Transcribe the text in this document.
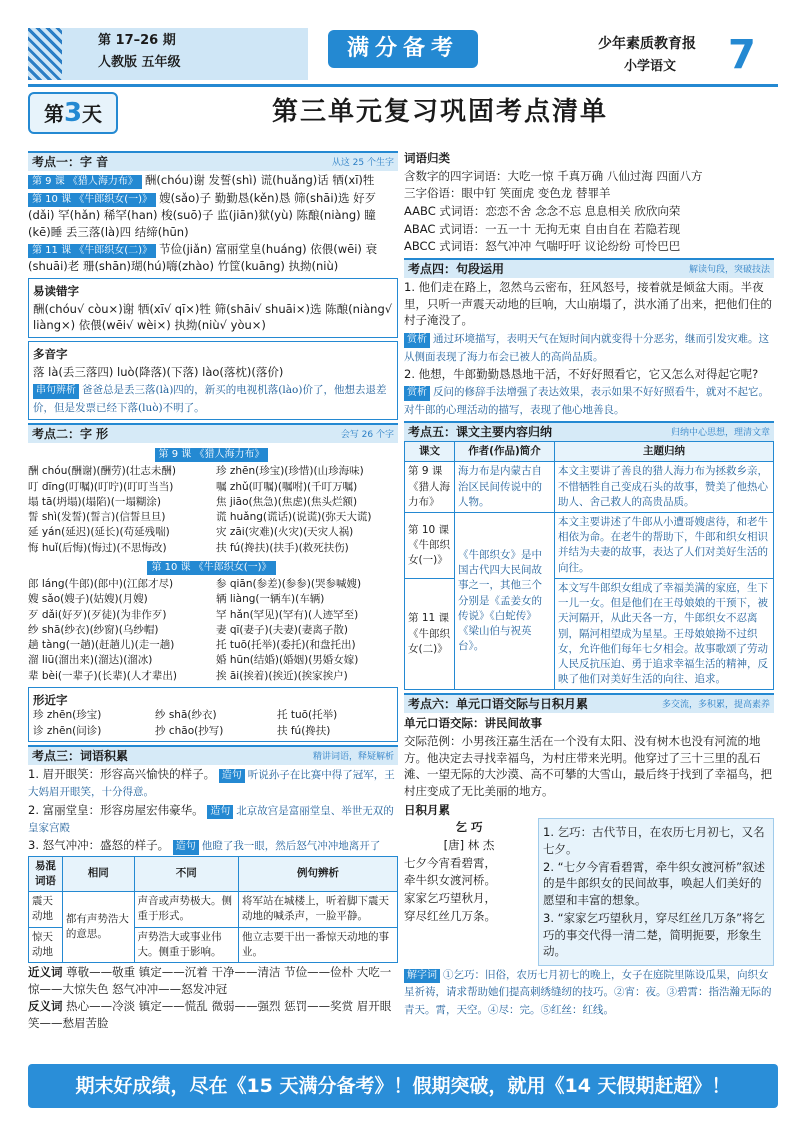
第 17–26 期
人教版 五年级
满分备考	少年素质教育报
小学语文 7
第3天	第三单元复习巩固考点清单
考点一：字 音	从这 25 个生字

第 9 课 《猎人海力布》 酬(chóu)谢 发誓(shì) 谎(huǎng)话 牺(xī)牲

第 10 课 《牛郎织女(一)》 嫂(sǎo)子 勤勤恳(kěn)恳 筛(shāi)选 好歹(dǎi) 罕(hǎn) 稀罕(han) 梭(suō)子 监(jiān)狱(yù) 陈酿(niàng) 瞳(kē)睡 丢三落(là)四 结缔(hūn)

第 11 课 《牛郎织女(二)》 节俭(jiǎn) 富丽堂皇(huáng) 依偎(wēi) 衰(shuāi)老 珊(shān)瑚(hú)嗨(zhào) 竹筐(kuāng) 执拗(niù)

易读错字

酬(chóu√ còu×)谢 牺(xī√ qī×)牲 筛(shāi√ shuāi×)选 陈酿(niàng√ liàng×) 依偎(wēi√ wèi×) 执拗(niù√ yòu×)

多音字

落 là(丢三落四) luò(降落)(下落) lào(落枕)(落价)

串句辨析 爸爸总是丢三落(là)四的，新买的电视机落(lào)价了，他想去退差价，但是发票已经下落(luò)不明了。

考点二：字 形	会写 26 个字
第 9 课 《猎人海力布》
酬 chóu(酬谢)(酬劳)(壮志未酬)	珍 zhēn(珍宝)(珍惜)(山珍海味)
叮 dīng(叮嘱)(叮咛)(叮叮当当)	嘱 zhǔ(叮嘱)(嘱咐)(千叮万嘱)
塌 tā(坍塌)(塌陷)(一塌糊涂)	焦 jiāo(焦急)(焦虑)(焦头烂额)
誓 shì(发誓)(誓言)(信誓旦旦)	谎 huǎng(谎话)(说谎)(弥天大谎)
延 yán(延迟)(延长)(苟延残喘)	灾 zāi(灾难)(火灾)(天灾人祸)
悔 huǐ(后悔)(悔过)(不思悔改)	扶 fú(搀扶)(扶手)(救死扶伤)
第 10 课 《牛郎织女(一)》
郎 láng(牛郎)(郎中)(江郎才尽)	参 qiān(参差)(参参)(哭参喊嫂)
嫂 sǎo(嫂子)(姑嫂)(月嫂)	辆 liàng(一辆车)(车辆)
歹 dǎi(好歹)(歹徒)(为非作歹)	罕 hǎn(罕见)(罕有)(人迹罕至)
纱 shā(纱衣)(纱窗)(乌纱帽)	妻 qī(妻子)(夫妻)(妻离子散)
趟 tàng(一趟)(赶趟儿)(走一趟)	托 tuō(托举)(委托)(和盘托出)
溜 liū(溜出来)(溜达)(溜冰)	婚 hūn(结婚)(婚姻)(男婚女嫁)
辈 bèi(一辈子)(长辈)(人才辈出)	挨 āi(挨着)(挨近)(挨家挨户)
形近字
珍 zhēn(珍宝)	纱 shā(纱衣)	托 tuō(托举)
诊 zhēn(问诊)	抄 chāo(抄写)	扶 fú(搀扶)
考点三：词语积累	精讲词语，释疑解析

1. 眉开眼笑：形容高兴愉快的样子。 造句 听说孙子在比赛中得了冠军，王大妈眉开眼笑，十分得意。

2. 富丽堂皇：形容房屋宏伟豪华。 造句 北京故宫是富丽堂皇、举世无双的皇家宫殿

3. 怒气冲冲：盛怒的样子。 造句 他瞪了我一眼，然后怒气冲冲地离开了

易混词语	相同	不同	例句辨析
震天动地	都有声势浩大的意思。	声音或声势极大。侧重于形式。	将军站在城楼上，听着脚下震天动地的喊杀声，一脸平静。
惊天动地		声势浩大或事业伟大。侧重于影响。	他立志要干出一番惊天动地的事业。

近义词 尊敬——敬重 镇定——沉着 干净——清洁 节俭——俭朴 大吃一惊——大惊失色 怒气冲冲——怒发冲冠

反义词 热心——冷淡 镇定——慌乱 微弱——强烈 惩罚——奖赏 眉开眼笑——愁眉苦脸

词语归类

含数字的四字词语：大吃一惊 千真万确 八仙过海 四面八方

三字俗语：眼中钉 笑面虎 变色龙 替罪羊

AABC 式词语：恋恋不舍 念念不忘 息息相关 欣欣向荣

ABAC 式词语：一五一十 无拘无束 自由自在 若隐若现

ABCC 式词语：怒气冲冲 气喘吁吁 议论纷纷 可怜巴巴

考点四：句段运用	解读句段，突破技法

1. 他们走在路上，忽然乌云密布，狂风怒号，接着就是倾盆大雨。半夜里，只听一声震天动地的巨响，大山崩塌了，洪水涌了出来，把他们住的村子淹没了。

赏析 通过环境描写，表明天气在短时间内就变得十分恶劣，继而引发灾难。这从侧面表现了海力布会已被人的高尚品质。

2. 他想，牛郎勤勤恳恳地干活，不好好照看它，它又怎么对得起它呢?

赏析 反问的修辞手法增强了表达效果，表示如果不好好照看牛，就对不起它。对牛郎的心理活动的描写，表现了他心地善良。

考点五：课文主要内容归纳	归纳中心思想，理清文章
课文	作者(作品)简介	主题归纳
第 9 课《猎人海力布》	海力布是内蒙古自治区民间传说中的人物。	本文主要讲了善良的猎人海力布为拯救乡亲，不惜牺牲自己变成石头的故事，赞美了他热心助人、舍己救人的高贵品质。
第 10 课《牛郎织女(一)》	《牛郎织女》是中国古代四大民间故事之一，其他三个分别是《孟姜女的传说》《白蛇传》《梁山伯与祝英台》。	本文主要讲述了牛郎从小遭哥嫂虐待，和老牛相依为命。在老牛的帮助下，牛郎和织女相识并结为夫妻的故事，表达了人们对美好生活的向往。
第 11 课《牛郎织女(二)》		本文写牛郎织女组成了幸福美满的家庭，生下一儿一女。但是他们在王母娘娘的干预下，被天河隔开，从此天各一方，牛郎织女不忍离别，隔河相望成为星星。王母娘娘拗不过织女，允许他们每年七夕相会。故事歌颂了劳动人民反抗压迫、勇于追求幸福生活的精神，反映了他们对美好生活的向往、追求。
考点六：单元口语交际与日积月累	多交流，多积累，提高素养
单元口语交际：讲民间故事

交际范例：小男孩汪嘉生活在一个没有太阳、没有树木也没有河流的地方。他决定去寻找幸福鸟，为村庄带来光明。他穿过了三十三里的乱石滩、一望无际的大沙漠、高不可攀的大雪山，最后终于找到了幸福鸟，把村庄变成了无比美丽的地方。

日积月累

1. 乞巧：古代节日，在农历七月初七，又名七夕。

2. “七夕今宵看碧霄，牵牛织女渡河桥”叙述的是牛郎织女的民间故事，唤起人们美好的愿望和丰富的想象。

3. “家家乞巧望秋月，穿尽红丝几万条”将乞巧的事交代得一清二楚，简明扼要，形象生动。

乞 巧

[唐] 林 杰

七夕今宵看碧霄，

牵牛织女渡河桥。

家家乞巧望秋月，

穿尽红丝几万条。

解字词 ①乞巧：旧俗，农历七月初七的晚上，女子在庭院里陈设瓜果，向织女星祈祷，请求帮助她们提高刺绣缝纫的技巧。②宵：夜。③碧霄：指浩瀚无际的青天。霄，天空。④尽：完。⑤红丝：红线。

期末好成绩，尽在《15 天满分备考》！假期突破，就用《14 天假期赶超》！
